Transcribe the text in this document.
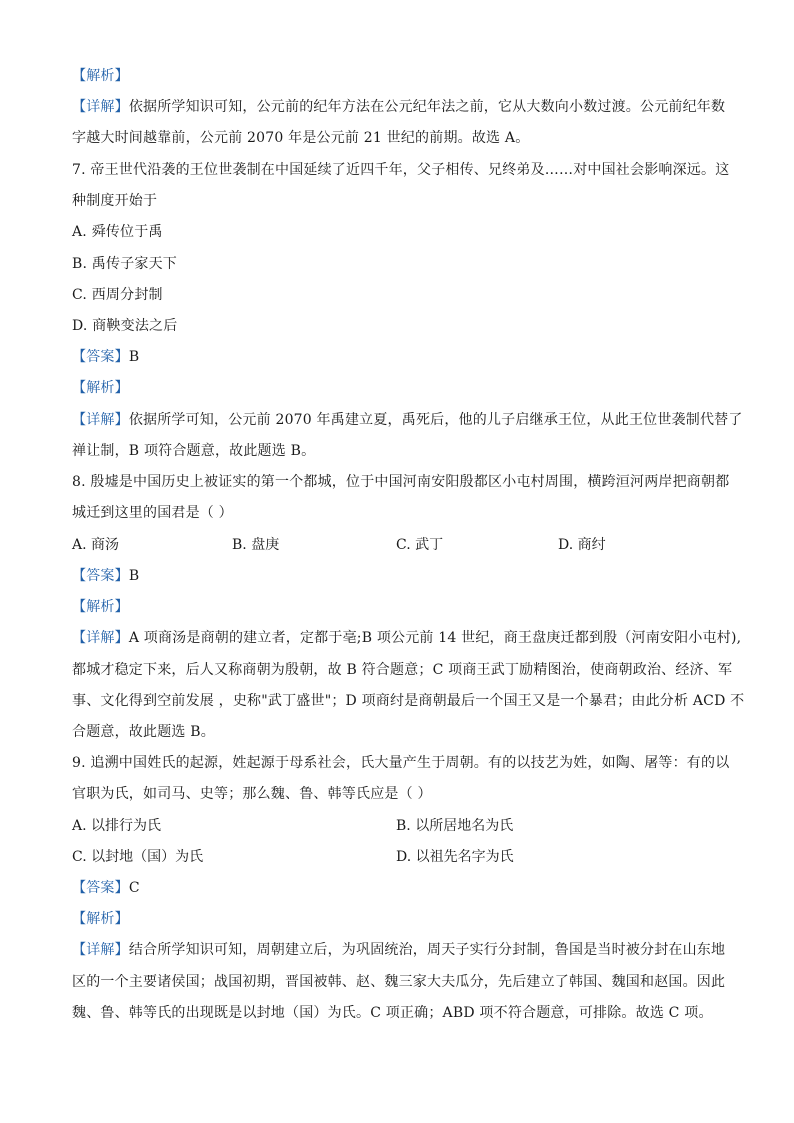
【解析】
【详解】依据所学知识可知，公元前的纪年方法在公元纪年法之前，它从大数向小数过渡。公元前纪年数
字越大时间越靠前，公元前 2070 年是公元前 21 世纪的前期。故选 A。
7. 帝王世代沿袭的王位世袭制在中国延续了近四千年，父子相传、兄终弟及……对中国社会影响深远。这
种制度开始于
A. 舜传位于禹
B. 禹传子家天下
C. 西周分封制
D. 商鞅变法之后
【答案】B
【解析】
【详解】依据所学可知，公元前 2070 年禹建立夏，禹死后，他的儿子启继承王位，从此王位世袭制代替了
禅让制，B 项符合题意，故此题选 B。
8. 殷墟是中国历史上被证实的第一个都城，位于中国河南安阳殷都区小屯村周围，横跨洹河两岸把商朝都
城迁到这里的国君是（ ）
A. 商汤	B. 盘庚	C. 武丁	D. 商纣
【答案】B
【解析】
【详解】A 项商汤是商朝的建立者，定都于亳;B 项公元前 14 世纪，商王盘庚迁都到殷（河南安阳小屯村),
都城才稳定下来，后人又称商朝为殷朝，故 B 符合题意；C 项商王武丁励精图治，使商朝政治、经济、军
事、文化得到空前发展 ，史称"武丁盛世"；D 项商纣是商朝最后一个国王又是一个暴君；由此分析 ACD 不
合题意，故此题选 B。
9. 追溯中国姓氏的起源，姓起源于母系社会，氏大量产生于周朝。有的以技艺为姓，如陶、屠等：有的以
官职为氏，如司马、史等；那么魏、鲁、韩等氏应是（ ）
A. 以排行为氏	B. 以所居地名为氏
C. 以封地（国）为氏	D. 以祖先名字为氏
【答案】C
【解析】
【详解】结合所学知识可知，周朝建立后，为巩固统治，周天子实行分封制，鲁国是当时被分封在山东地
区的一个主要诸侯国；战国初期，晋国被韩、赵、魏三家大夫瓜分，先后建立了韩国、魏国和赵国。因此
魏、鲁、韩等氏的出现既是以封地（国）为氏。C 项正确；ABD 项不符合题意，可排除。故选 C 项。
